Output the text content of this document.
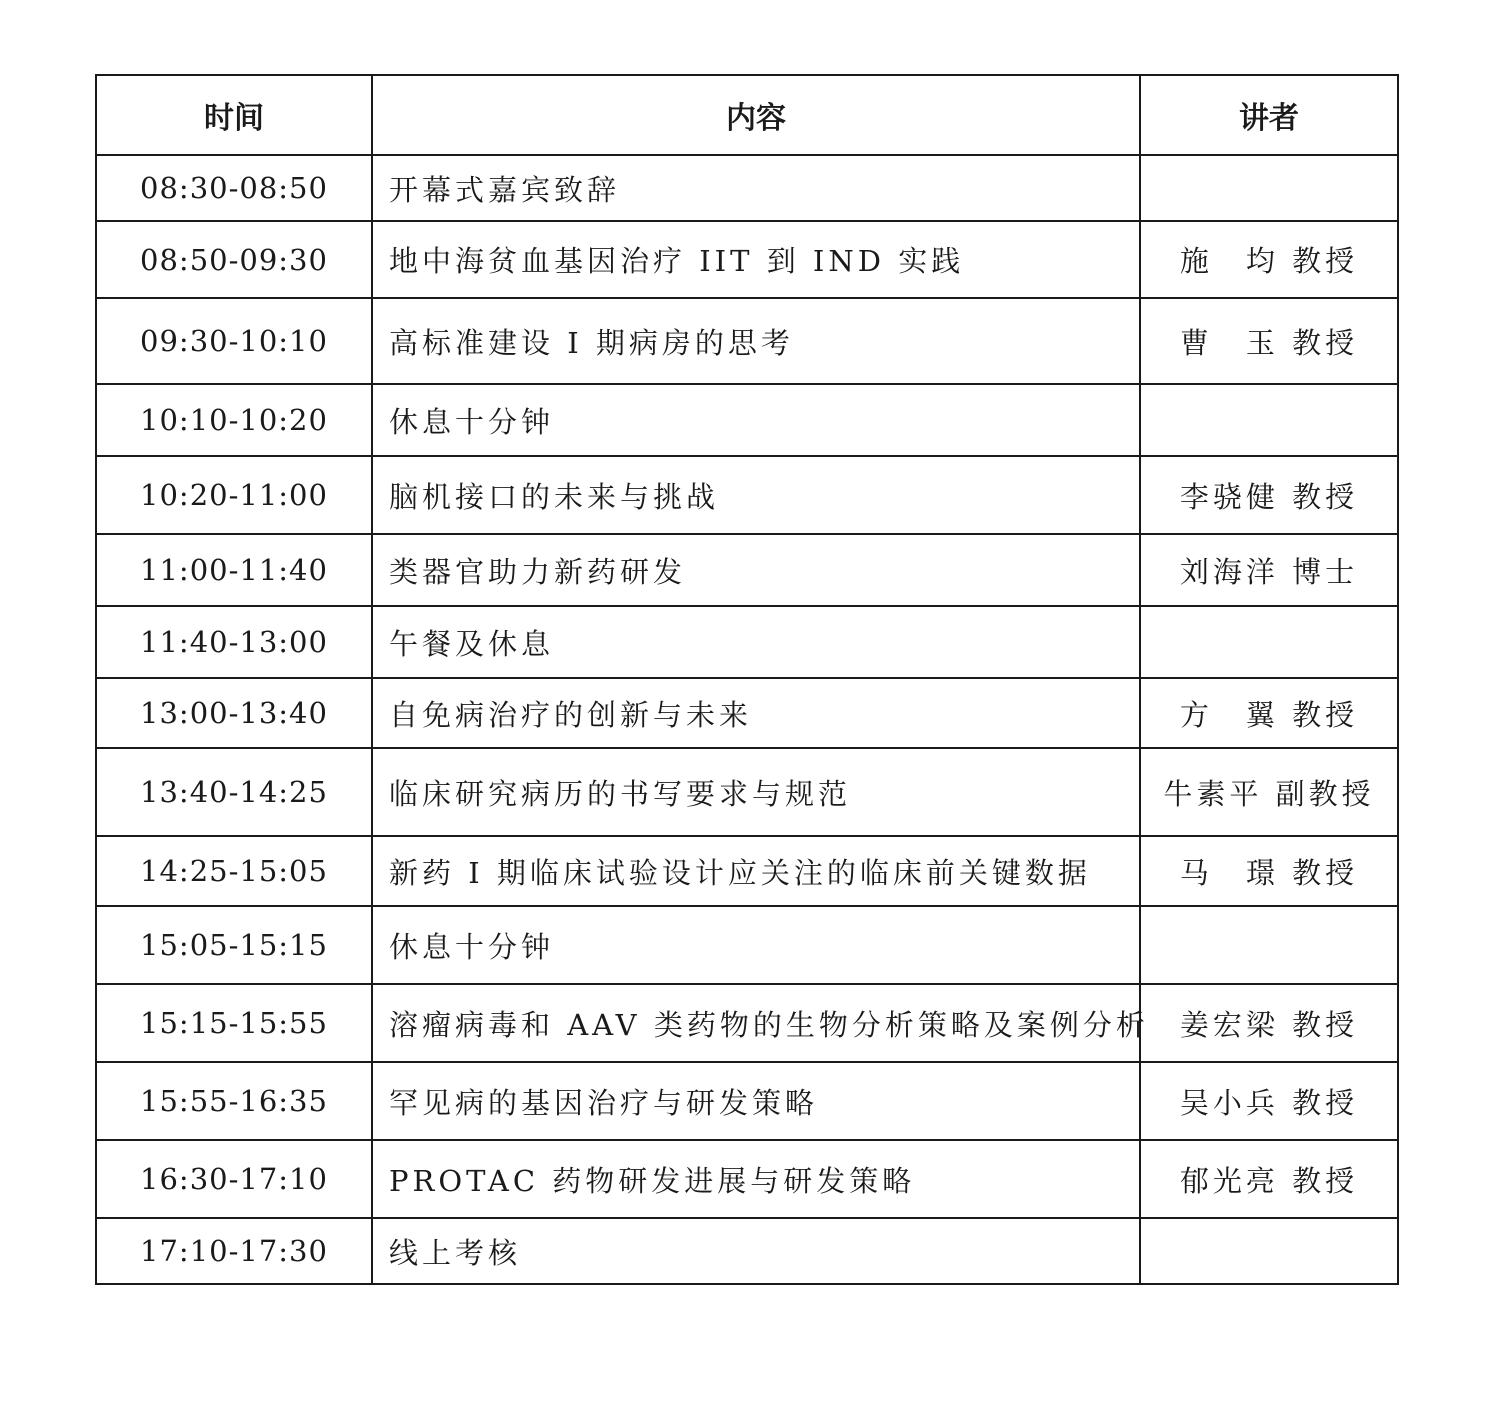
时间	内容	讲者
08:30-08:50	开幕式嘉宾致辞	
08:50-09:30	地中海贫血基因治疗 IIT 到 IND 实践	施　均 教授
09:30-10:10	高标准建设 I 期病房的思考	曹　玉 教授
10:10-10:20	休息十分钟	
10:20-11:00	脑机接口的未来与挑战	李骁健 教授
11:00-11:40	类器官助力新药研发	刘海洋 博士
11:40-13:00	午餐及休息	
13:00-13:40	自免病治疗的创新与未来	方　翼 教授
13:40-14:25	临床研究病历的书写要求与规范	牛素平 副教授
14:25-15:05	新药 I 期临床试验设计应关注的临床前关键数据	马　璟 教授
15:05-15:15	休息十分钟	
15:15-15:55	溶瘤病毒和 AAV 类药物的生物分析策略及案例分析	姜宏梁 教授
15:55-16:35	罕见病的基因治疗与研发策略	吴小兵 教授
16:30-17:10	PROTAC 药物研发进展与研发策略	郁光亮 教授
17:10-17:30	线上考核	
